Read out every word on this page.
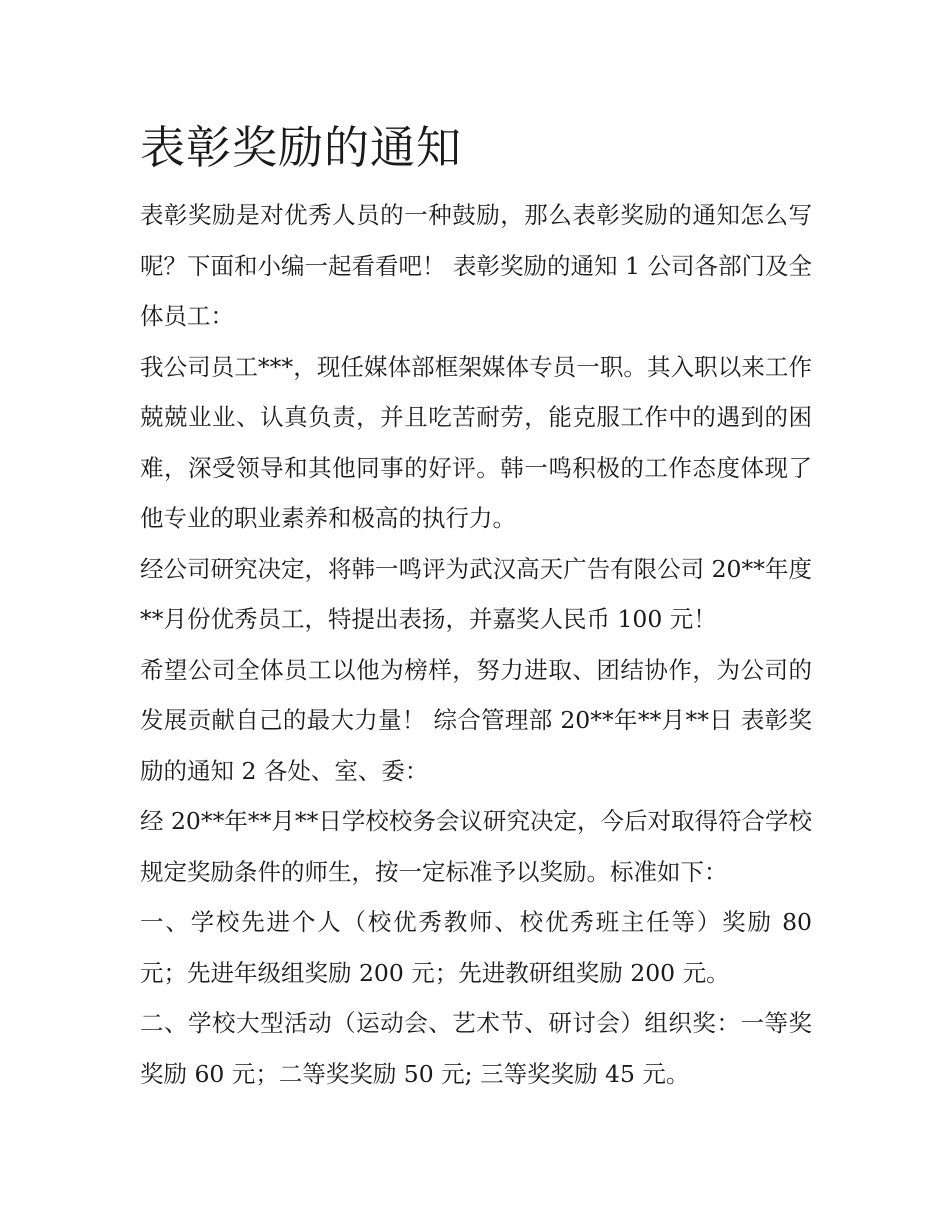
表彰奖励的通知

表彰奖励是对优秀人员的一种鼓励，那么表彰奖励的通知怎么写呢？下面和小编一起看看吧！ 表彰奖励的通知 1 公司各部门及全体员工：

我公司员工***，现任媒体部框架媒体专员一职。其入职以来工作兢兢业业、认真负责，并且吃苦耐劳，能克服工作中的遇到的困难，深受领导和其他同事的好评。韩一鸣积极的工作态度体现了他专业的职业素养和极高的执行力。

经公司研究决定，将韩一鸣评为武汉高天广告有限公司 20**年度**月份优秀员工，特提出表扬，并嘉奖人民币 100 元！

希望公司全体员工以他为榜样，努力进取、团结协作，为公司的发展贡献自己的最大力量！ 综合管理部 20**年**月**日 表彰奖励的通知 2 各处、室、委：

经 20**年**月**日学校校务会议研究决定，今后对取得符合学校规定奖励条件的师生，按一定标准予以奖励。标准如下：

一、学校先进个人（校优秀教师、校优秀班主任等）奖励 80 元；先进年级组奖励 200 元；先进教研组奖励 200 元。

二、学校大型活动（运动会、艺术节、研讨会）组织奖：一等奖奖励 60 元；二等奖奖励 50 元; 三等奖奖励 45 元。
